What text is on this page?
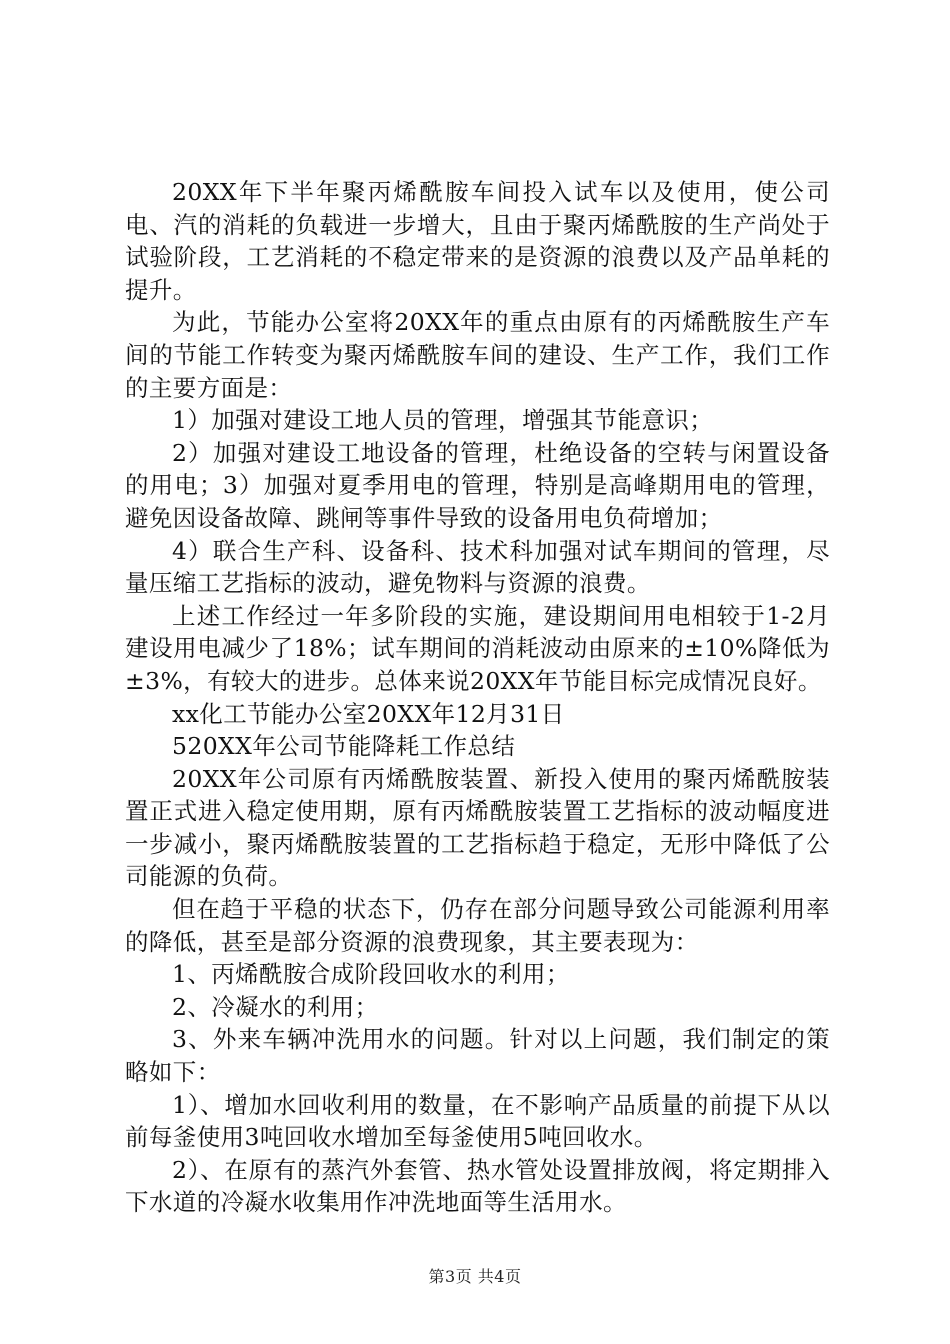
20XX年下半年聚丙烯酰胺车间投入试车以及使用，使公司电、汽的消耗的负载进一步增大，且由于聚丙烯酰胺的生产尚处于试验阶段，工艺消耗的不稳定带来的是资源的浪费以及产品单耗的提升。

为此，节能办公室将20XX年的重点由原有的丙烯酰胺生产车间的节能工作转变为聚丙烯酰胺车间的建设、生产工作，我们工作的主要方面是：

1）加强对建设工地人员的管理，增强其节能意识；

2）加强对建设工地设备的管理，杜绝设备的空转与闲置设备的用电；3）加强对夏季用电的管理，特别是高峰期用电的管理，避免因设备故障、跳闸等事件导致的设备用电负荷增加；

4）联合生产科、设备科、技术科加强对试车期间的管理，尽量压缩工艺指标的波动，避免物料与资源的浪费。

上述工作经过一年多阶段的实施，建设期间用电相较于1-2月建设用电减少了18%；试车期间的消耗波动由原来的±10%降低为±3%，有较大的进步。总体来说20XX年节能目标完成情况良好。

xx化工节能办公室20XX年12月31日

520XX年公司节能降耗工作总结

20XX年公司原有丙烯酰胺装置、新投入使用的聚丙烯酰胺装置正式进入稳定使用期，原有丙烯酰胺装置工艺指标的波动幅度进一步减小，聚丙烯酰胺装置的工艺指标趋于稳定，无形中降低了公司能源的负荷。

但在趋于平稳的状态下，仍存在部分问题导致公司能源利用率的降低，甚至是部分资源的浪费现象，其主要表现为：

1、丙烯酰胺合成阶段回收水的利用；

2、冷凝水的利用；

3、外来车辆冲洗用水的问题。针对以上问题，我们制定的策略如下：

1）、增加水回收利用的数量，在不影响产品质量的前提下从以前每釜使用3吨回收水增加至每釜使用5吨回收水。

2）、在原有的蒸汽外套管、热水管处设置排放阀，将定期排入下水道的冷凝水收集用作冲洗地面等生活用水。

第3页 共4页
